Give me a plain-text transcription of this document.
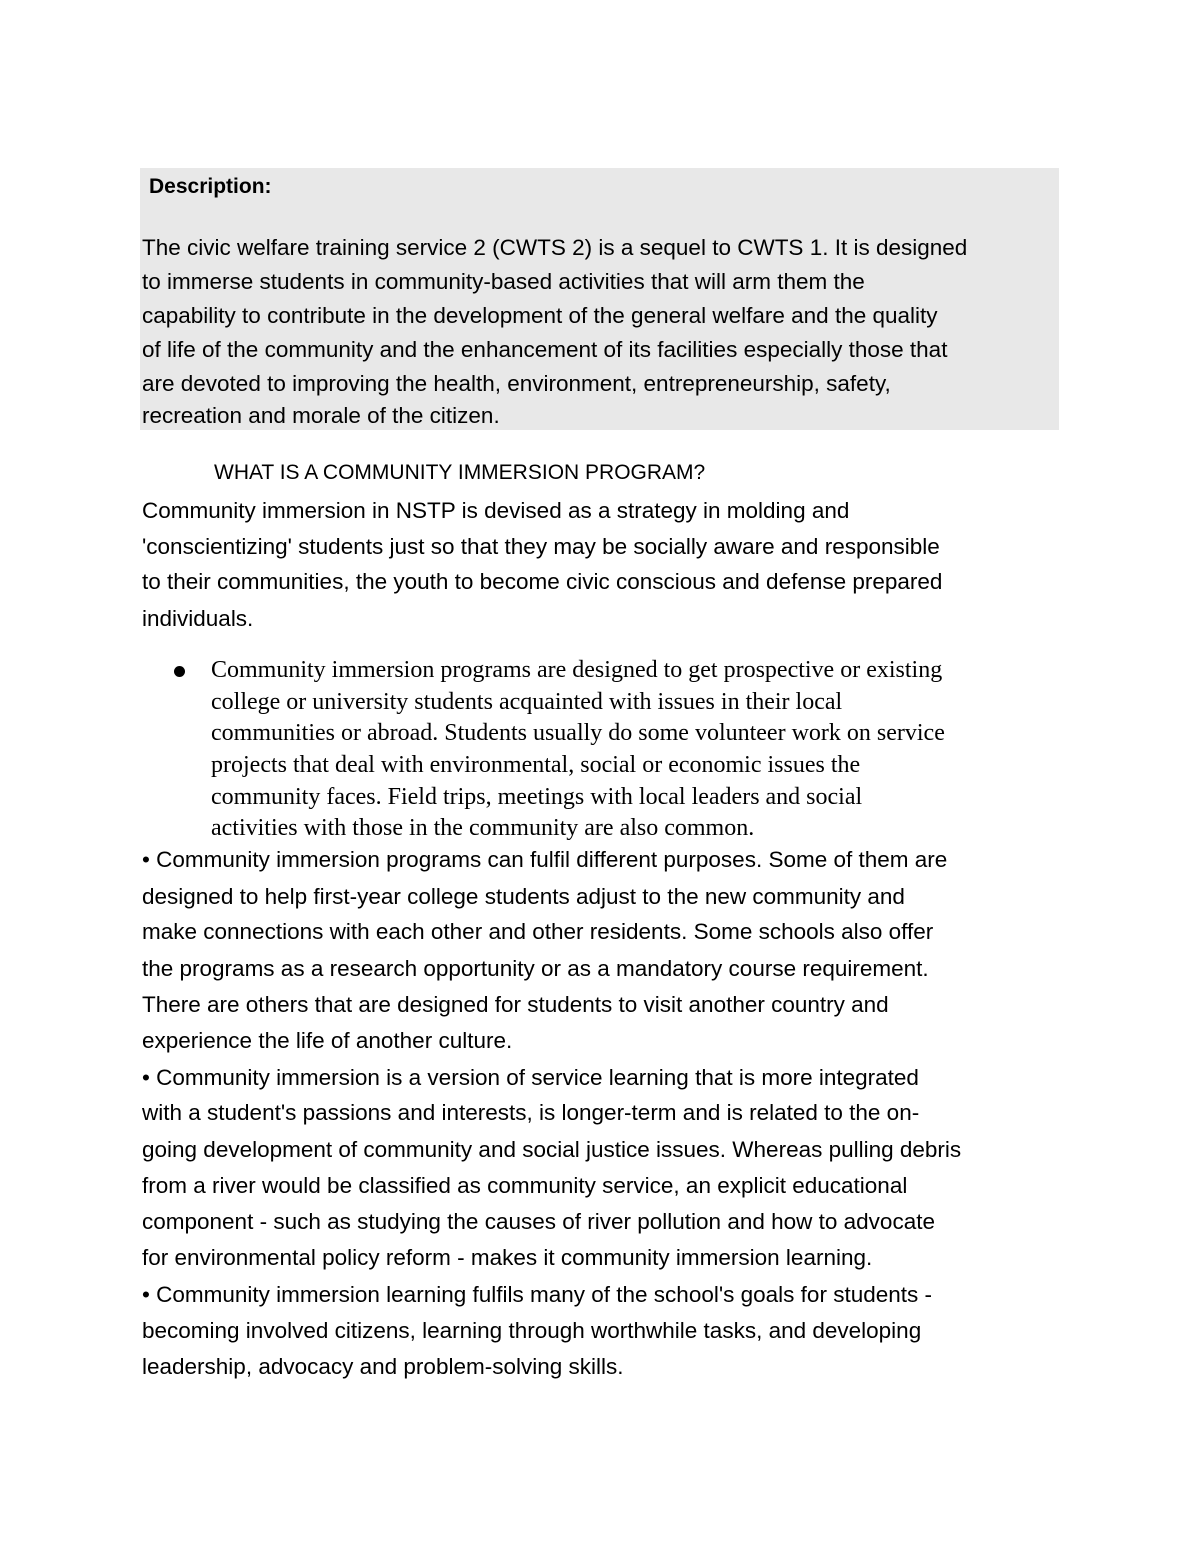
Description:
The civic welfare training service 2 (CWTS 2) is a sequel to CWTS 1. It is designed
to immerse students in community-based activities that will arm them the
capability to contribute in the development of the general welfare and the quality
of life of the community and the enhancement of its facilities especially those that
are devoted to improving the health, environment, entrepreneurship, safety,
recreation and morale of the citizen.
WHAT IS A COMMUNITY IMMERSION PROGRAM?
Community immersion in NSTP is devised as a strategy in molding and
'conscientizing' students just so that they may be socially aware and responsible
to their communities, the youth to become civic conscious and defense prepared
individuals.
Community immersion programs are designed to get prospective or existing
college or university students acquainted with issues in their local
communities or abroad. Students usually do some volunteer work on service
projects that deal with environmental, social or economic issues the
community faces. Field trips, meetings with local leaders and social
activities with those in the community are also common.
• Community immersion programs can fulfil different purposes. Some of them are
designed to help first-year college students adjust to the new community and
make connections with each other and other residents. Some schools also offer
the programs as a research opportunity or as a mandatory course requirement.
There are others that are designed for students to visit another country and
experience the life of another culture.
• Community immersion is a version of service learning that is more integrated
with a student's passions and interests, is longer-term and is related to the on-
going development of community and social justice issues. Whereas pulling debris
from a river would be classified as community service, an explicit educational
component - such as studying the causes of river pollution and how to advocate
for environmental policy reform - makes it community immersion learning.
• Community immersion learning fulfils many of the school's goals for students -
becoming involved citizens, learning through worthwhile tasks, and developing
leadership, advocacy and problem-solving skills.
